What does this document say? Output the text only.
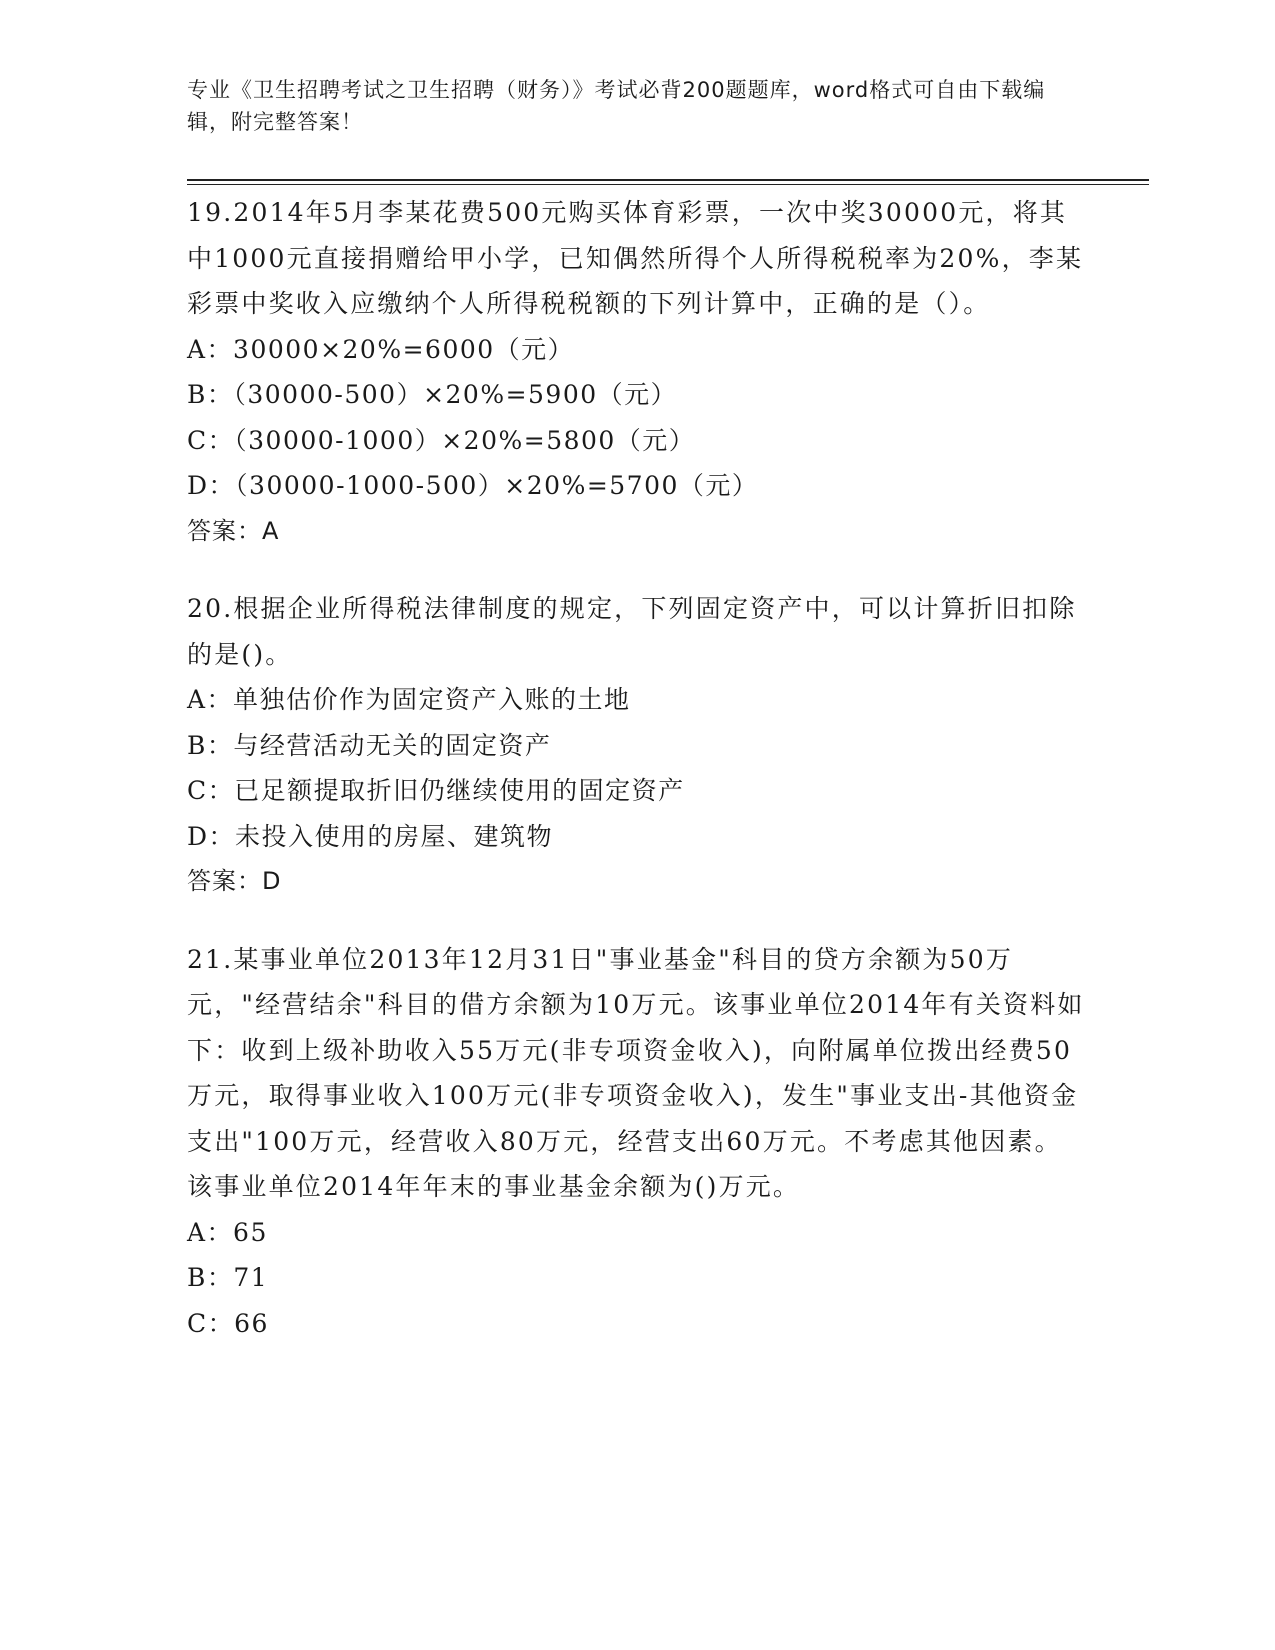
专业《卫生招聘考试之卫生招聘（财务）》考试必背200题题库，word格式可自由下载编辑，附完整答案！

19.2014年5月李某花费500元购买体育彩票，一次中奖30000元，将其中1000元直接捐赠给甲小学，已知偶然所得个人所得税税率为20%，李某彩票中奖收入应缴纳个人所得税税额的下列计算中，正确的是（）。

A：30000×20%=6000（元）

B：（30000-500）×20%=5900（元）

C：（30000-1000）×20%=5800（元）

D：（30000-1000-500）×20%=5700（元）

答案：A

20.根据企业所得税法律制度的规定，下列固定资产中，可以计算折旧扣除的是()。

A：单独估价作为固定资产入账的土地

B：与经营活动无关的固定资产

C：已足额提取折旧仍继续使用的固定资产

D：未投入使用的房屋、建筑物

答案：D

21.某事业单位2013年12月31日"事业基金"科目的贷方余额为50万元，"经营结余"科目的借方余额为10万元。该事业单位2014年有关资料如下：收到上级补助收入55万元(非专项资金收入)，向附属单位拨出经费50万元，取得事业收入100万元(非专项资金收入)，发生"事业支出-其他资金支出"100万元，经营收入80万元，经营支出60万元。不考虑其他因素。该事业单位2014年年末的事业基金余额为()万元。

A：65

B：71

C：66
